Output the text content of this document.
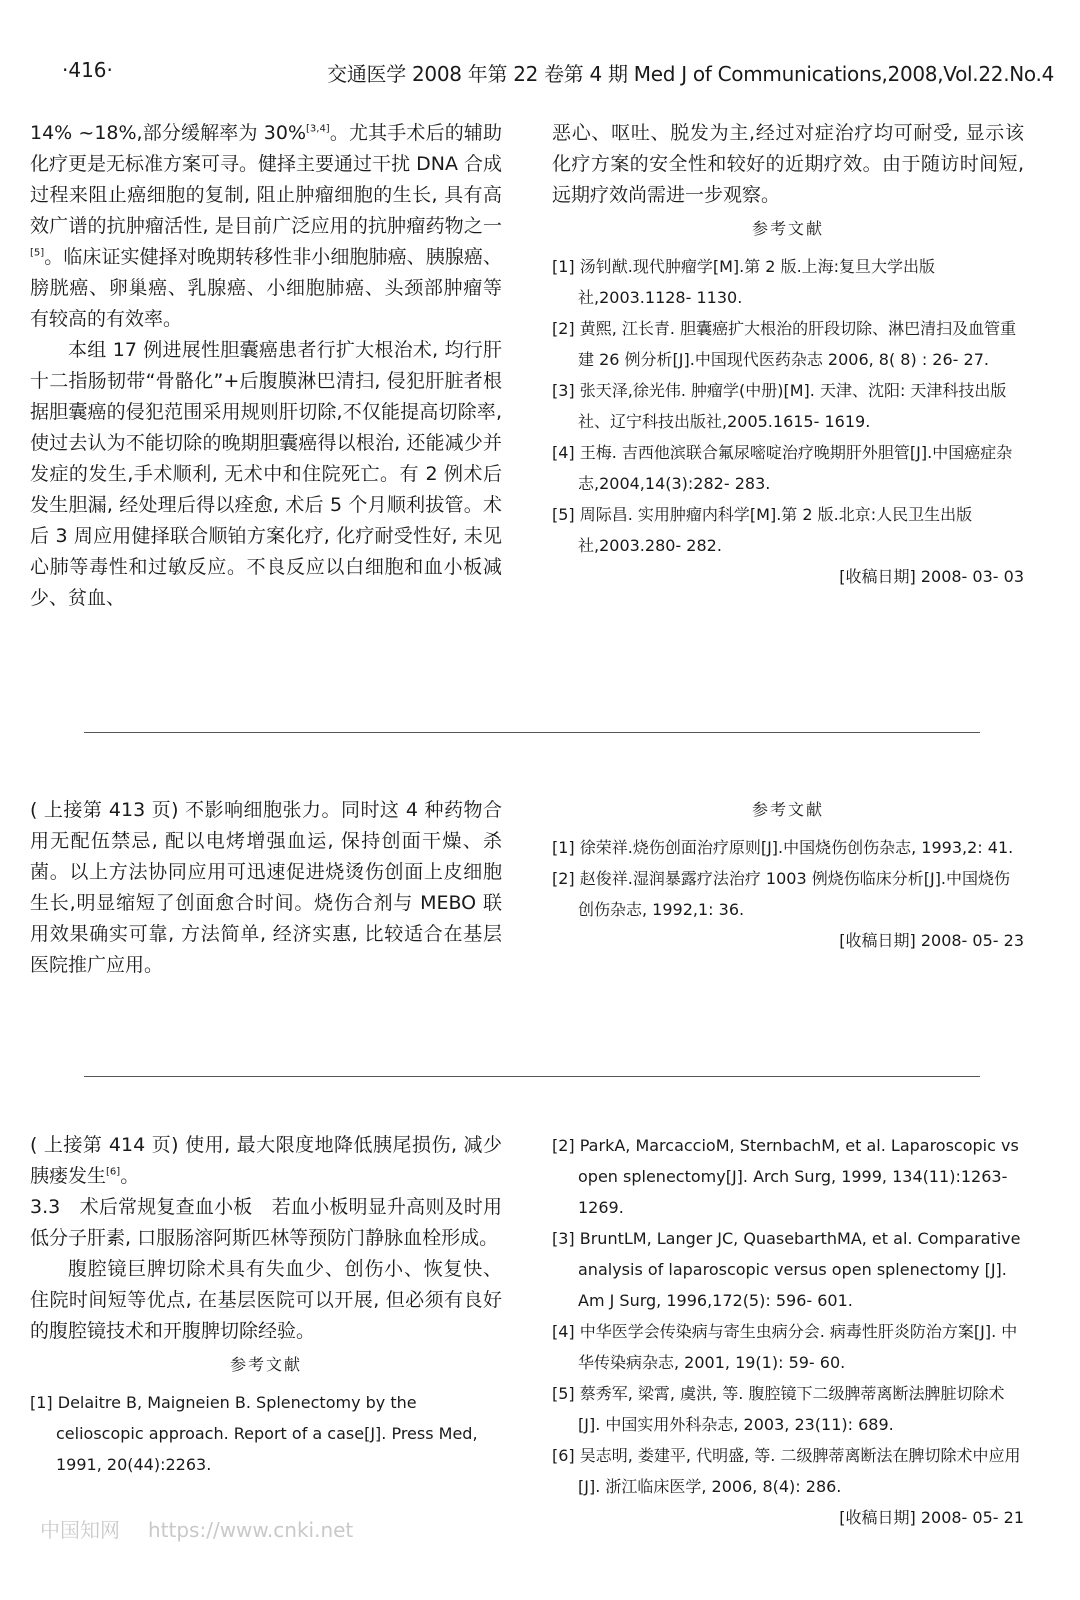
·416·	交通医学 2008 年第 22 卷第 4 期 Med J of Communications,2008,Vol.22.No.4

14% ~18%,部分缓解率为 30%[3,4]。尤其手术后的辅助化疗更是无标准方案可寻。健择主要通过干扰 DNA 合成过程来阻止癌细胞的复制, 阻止肿瘤细胞的生长, 具有高效广谱的抗肿瘤活性, 是目前广泛应用的抗肿瘤药物之一[5]。临床证实健择对晚期转移性非小细胞肺癌、胰腺癌、膀胱癌、卵巢癌、乳腺癌、小细胞肺癌、头颈部肿瘤等有较高的有效率。

本组 17 例进展性胆囊癌患者行扩大根治术, 均行肝十二指肠韧带“骨骼化”+后腹膜淋巴清扫, 侵犯肝脏者根据胆囊癌的侵犯范围采用规则肝切除,不仅能提高切除率, 使过去认为不能切除的晚期胆囊癌得以根治, 还能减少并发症的发生,手术顺利, 无术中和住院死亡。有 2 例术后发生胆漏, 经处理后得以痊愈, 术后 5 个月顺利拔管。术后 3 周应用健择联合顺铂方案化疗, 化疗耐受性好, 未见心肺等毒性和过敏反应。不良反应以白细胞和血小板减少、贫血、

恶心、呕吐、脱发为主,经过对症治疗均可耐受, 显示该化疗方案的安全性和较好的近期疗效。由于随访时间短,远期疗效尚需进一步观察。

参考文献

[1] 汤钊猷.现代肿瘤学[M].第 2 版.上海:复旦大学出版社,2003.1128- 1130.

[2] 黄熙, 江长青. 胆囊癌扩大根治的肝段切除、淋巴清扫及血管重建 26 例分析[J].中国现代医药杂志 2006, 8( 8) : 26- 27.

[3] 张天泽,徐光伟. 肿瘤学(中册)[M]. 天津、沈阳: 天津科技出版社、辽宁科技出版社,2005.1615- 1619.

[4] 王梅. 吉西他滨联合氟尿嘧啶治疗晚期肝外胆管[J].中国癌症杂志,2004,14(3):282- 283.

[5] 周际昌. 实用肿瘤内科学[M].第 2 版.北京:人民卫生出版社,2003.280- 282.

[收稿日期] 2008- 03- 03

( 上接第 413 页) 不影响细胞张力。同时这 4 种药物合用无配伍禁忌, 配以电烤增强血运, 保持创面干燥、杀菌。以上方法协同应用可迅速促进烧烫伤创面上皮细胞生长,明显缩短了创面愈合时间。烧伤合剂与 MEBO 联用效果确实可靠, 方法简单, 经济实惠, 比较适合在基层医院推广应用。

参考文献

[1] 徐荣祥.烧伤创面治疗原则[J].中国烧伤创伤杂志, 1993,2: 41.

[2] 赵俊祥.湿润暴露疗法治疗 1003 例烧伤临床分析[J].中国烧伤创伤杂志, 1992,1: 36.

[收稿日期] 2008- 05- 23

( 上接第 414 页) 使用, 最大限度地降低胰尾损伤, 减少胰瘘发生[6]。

3.3　术后常规复查血小板　若血小板明显升高则及时用低分子肝素, 口服肠溶阿斯匹林等预防门静脉血栓形成。

腹腔镜巨脾切除术具有失血少、创伤小、恢复快、住院时间短等优点, 在基层医院可以开展, 但必须有良好的腹腔镜技术和开腹脾切除经验。

参考文献

[1] Delaitre B, Maigneien B. Splenectomy by the celioscopic approach. Report of a case[J]. Press Med, 1991, 20(44):2263.

[2] ParkA, MarcaccioM, SternbachM, et al. Laparoscopic vs open splenectomy[J]. Arch Surg, 1999, 134(11):1263- 1269.

[3] BruntLM, Langer JC, QuasebarthMA, et al. Comparative analysis of laparoscopic versus open splenectomy [J]. Am J Surg, 1996,172(5): 596- 601.

[4] 中华医学会传染病与寄生虫病分会. 病毒性肝炎防治方案[J]. 中华传染病杂志, 2001, 19(1): 59- 60.

[5] 蔡秀军, 梁霄, 虞洪, 等. 腹腔镜下二级脾蒂离断法脾脏切除术[J]. 中国实用外科杂志, 2003, 23(11): 689.

[6] 吴志明, 娄建平, 代明盛, 等. 二级脾蒂离断法在脾切除术中应用[J]. 浙江临床医学, 2006, 8(4): 286.

[收稿日期] 2008- 05- 21

中国知网 https://www.cnki.net
